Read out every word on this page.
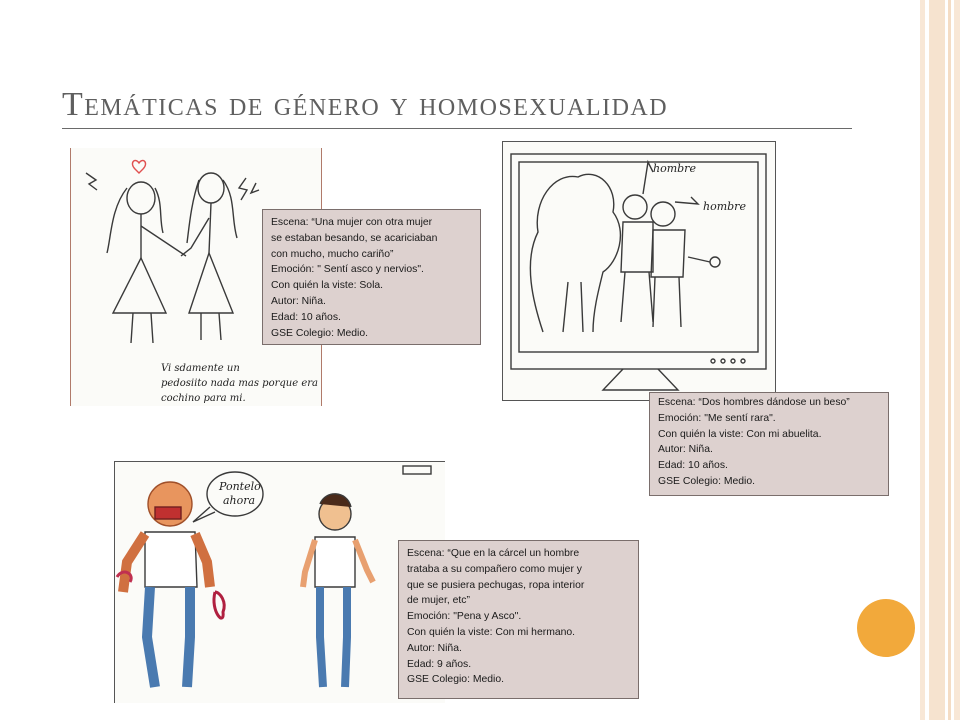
Temáticas de género y homosexualidad
Vi sdamente un
pedosiito nada mas porque era
cochino para mi.
hombre
hombre
Pontelo
ahora
Escena: “Una mujer con otra mujer
se estaban besando, se acariciaban
con mucho, mucho cariño”
Emoción: " Sentí asco y nervios".
Con quién la viste: Sola.
Autor: Niña.
Edad: 10 años.
GSE Colegio: Medio.
Escena: “Dos hombres dándose un beso”
Emoción: "Me sentí rara".
Con quién la viste: Con mi abuelita.
Autor: Niña.
Edad: 10 años.
GSE Colegio: Medio.
Escena: “Que en la cárcel un hombre
trataba a su compañero como mujer y
que se pusiera pechugas, ropa interior
de mujer, etc”
Emoción: "Pena y Asco".
Con quién la viste: Con mi hermano.
Autor: Niña.
Edad: 9 años.
GSE Colegio: Medio.
